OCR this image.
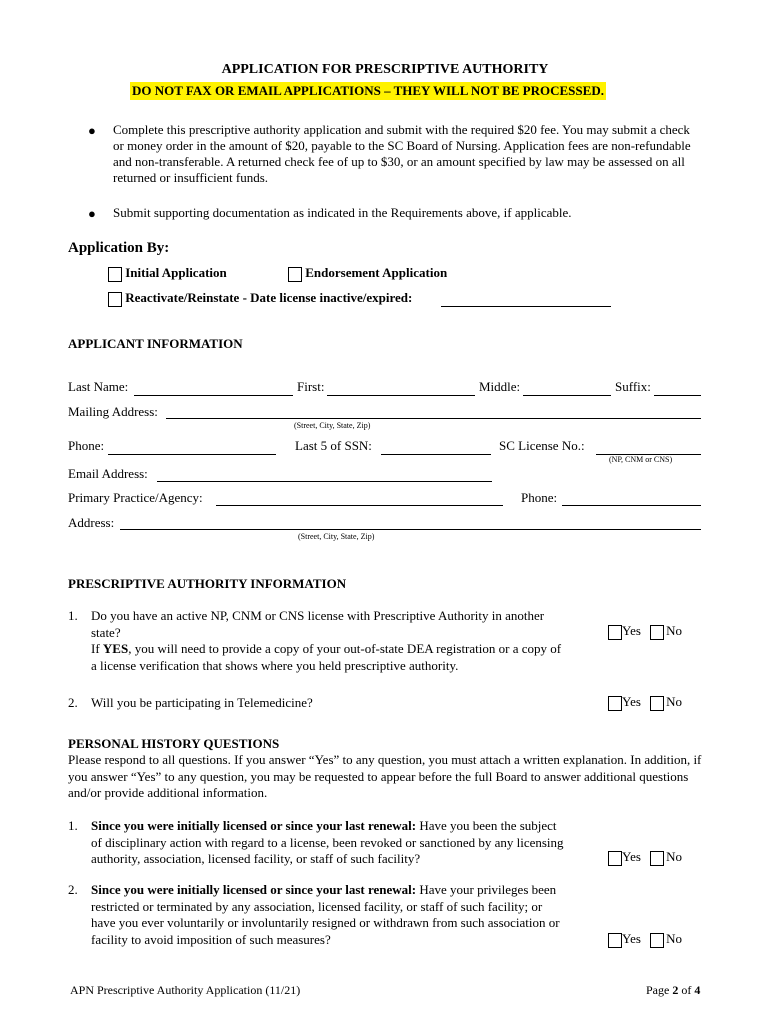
APPLICATION FOR PRESCRIPTIVE AUTHORITY
DO NOT FAX OR EMAIL APPLICATIONS – THEY WILL NOT BE PROCESSED.
● Complete this prescriptive authority application and submit with the required $20 fee. You may submit a check or money order in the amount of $20, payable to the SC Board of Nursing. Application fees are non-refundable and non-transferable. A returned check fee of up to $30, or an amount specified by law may be assessed on all returned or insufficient funds.
● Submit supporting documentation as indicated in the Requirements above, if applicable.
Application By:
Initial Application	Endorsement Application
Reactivate/Reinstate - Date license inactive/expired:
APPLICANT INFORMATION
Last Name:	First:	Middle:	Suffix:
Mailing Address:
(Street, City, State, Zip)
Phone:	Last 5 of SSN:	SC License No.:
(NP, CNM or CNS)
Email Address:
Primary Practice/Agency:	Phone:
Address:
(Street, City, State, Zip)
PRESCRIPTIVE AUTHORITY INFORMATION
1. Do you have an active NP, CNM or CNS license with Prescriptive Authority in another
state?
If YES, you will need to provide a copy of your out-of-state DEA registration or a copy of
a license verification that shows where you held prescriptive authority.
Yes No
2. Will you be participating in Telemedicine?	Yes No
PERSONAL HISTORY QUESTIONS
Please respond to all questions. If you answer “Yes” to any question, you must attach a written explanation. In addition, if you answer “Yes” to any question, you may be requested to appear before the full Board to answer additional questions and/or provide additional information.
1. Since you were initially licensed or since your last renewal: Have you been the subject
of disciplinary action with regard to a license, been revoked or sanctioned by any licensing
authority, association, licensed facility, or staff of such facility?	Yes No
2. Since you were initially licensed or since your last renewal: Have your privileges been
restricted or terminated by any association, licensed facility, or staff of such facility; or
have you ever voluntarily or involuntarily resigned or withdrawn from such association or
facility to avoid imposition of such measures?	Yes No
APN Prescriptive Authority Application (11/21)	Page 2 of 4
